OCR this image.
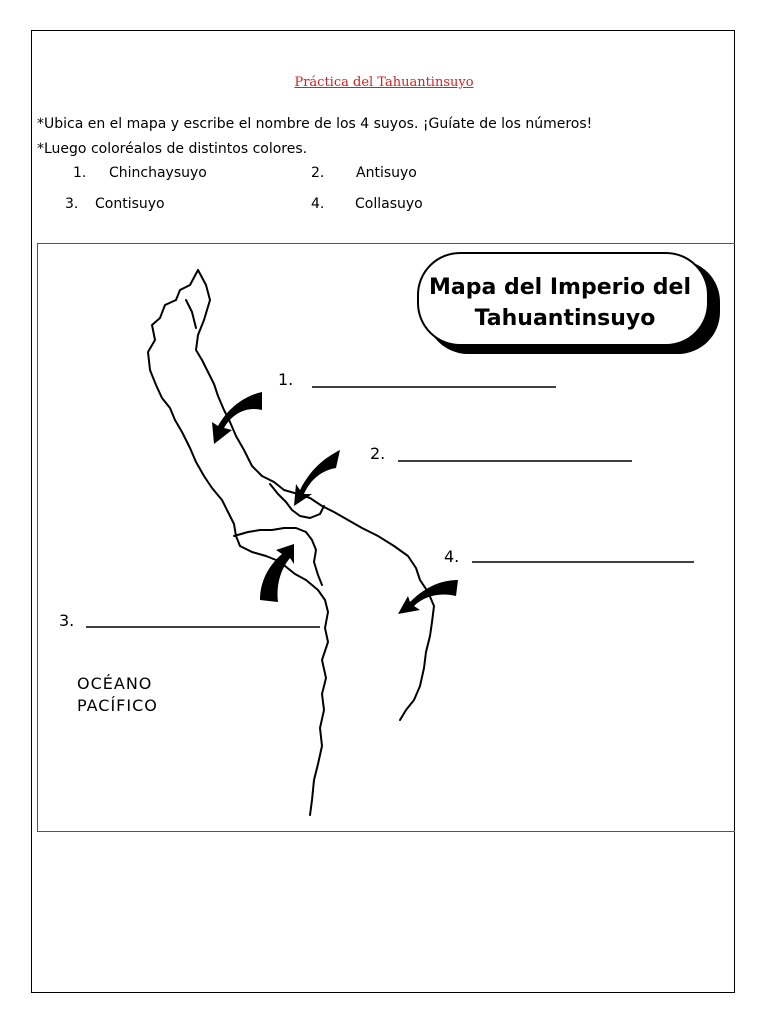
Práctica del Tahuantinsuyo
*Ubica en el mapa y escribe el nombre de los 4 suyos. ¡Guíate de los números!
*Luego coloréalos de distintos colores.
1. Chinchaysuyo	2. Antisuyo
3. Contisuyo	4. Collasuyo
Mapa del Imperio del
Tahuantinsuyo
1.
2.
4.
3.
OCÉANO
PACÍFICO
